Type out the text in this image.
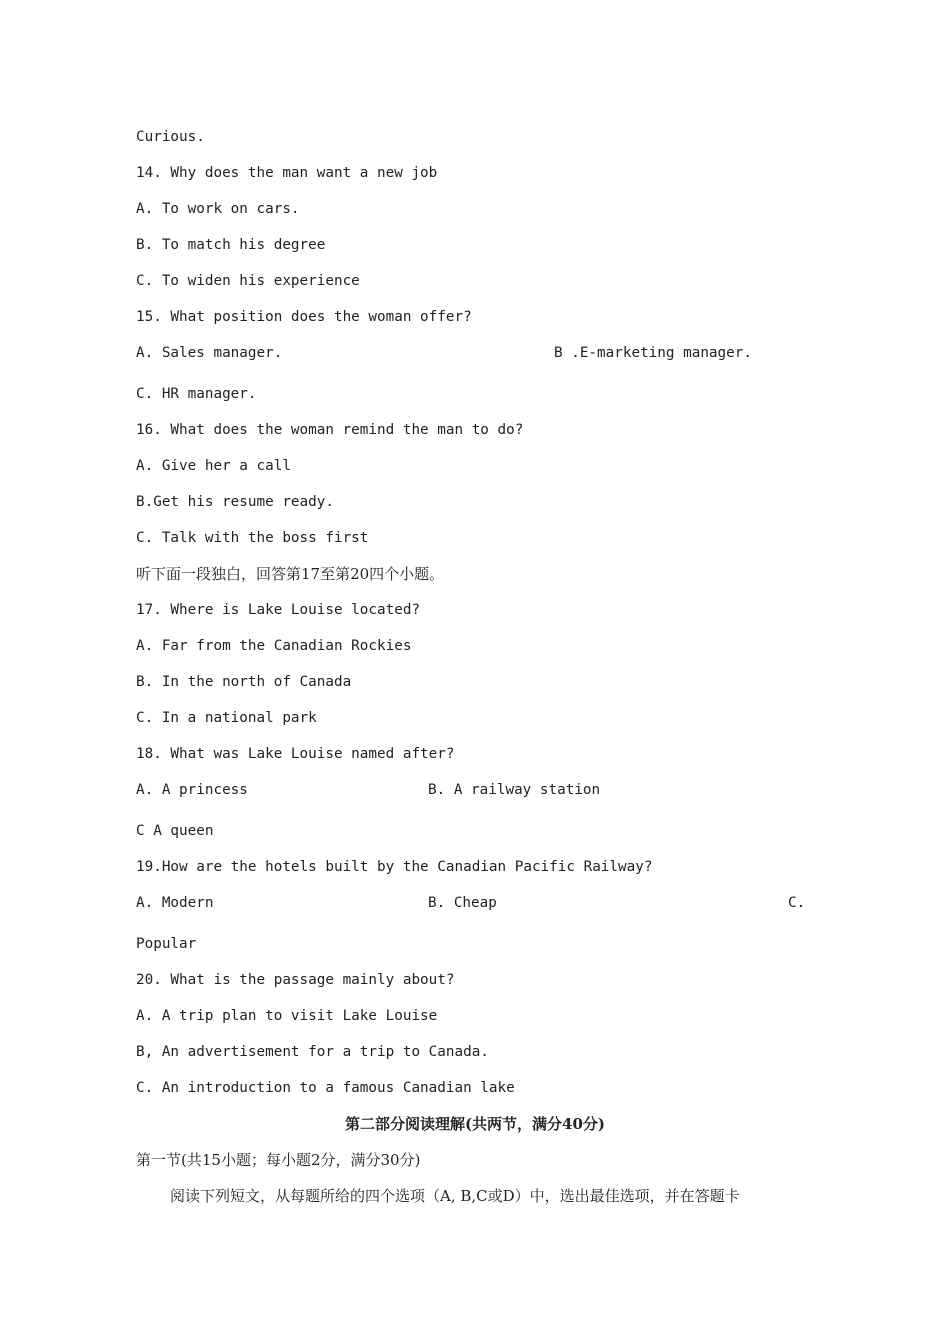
Curious.
14. Why does the man want a new job
A. To work on cars.
B. To match his degree
C. To widen his experience
15. What position does the woman offer?
A. Sales manager.	B .E-marketing manager.
C. HR manager.
16. What does the woman remind the man to do?
A. Give her a call
B.Get his resume ready.
C. Talk with the boss first
听下面一段独白，回答第17至第20四个小题。
17. Where is Lake Louise located?
A. Far from the Canadian Rockies
B. In the north of Canada
C. In a national park
18. What was Lake Louise named after?
A. A princess	B. A railway station
C A queen
19.How are the hotels built by the Canadian Pacific Railway?
A. Modern	B. Cheap	C.
Popular
20. What is the passage mainly about?
A. A trip plan to visit Lake Louise
B, An advertisement for a trip to Canada.
C. An introduction to a famous Canadian lake
第二部分阅读理解(共两节，满分40分)
第一节(共15小题；每小题2分，满分30分)
阅读下列短文，从每题所给的四个选项（A, B,C或D）中，选出最佳选项，并在答题卡
